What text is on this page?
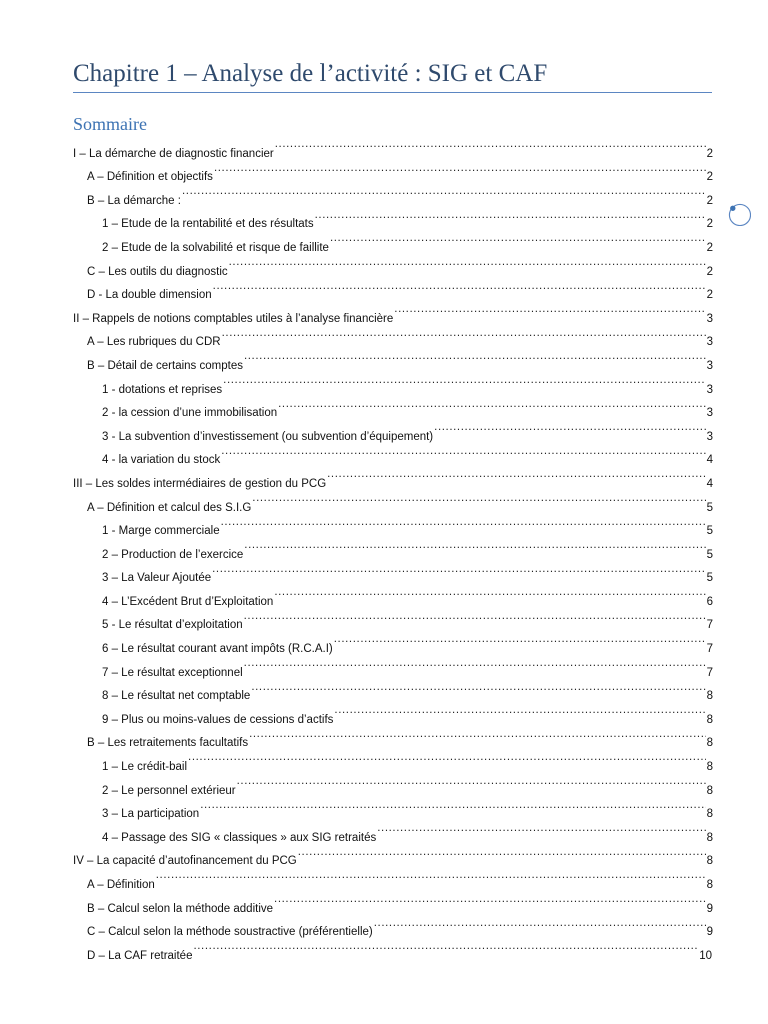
Chapitre 1 – Analyse de l’activité : SIG et CAF
Sommaire
I – La démarche de diagnostic financier .....	2
A – Définition et objectifs .....	2
B – La démarche : .....	2
1 – Etude de la rentabilité et des résultats .....	2
2 – Etude de la solvabilité et risque de faillite .....	2
C – Les outils du diagnostic .....	2
D - La double dimension .....	2
II – Rappels de notions comptables utiles à l’analyse financière .....	3
A – Les rubriques du CDR .....	3
B – Détail de certains comptes .....	3
1 - dotations et reprises .....	3
2 - la cession d’une immobilisation .....	3
3 - La subvention d’investissement (ou subvention d’équipement) .....	3
4 - la variation du stock .....	4
III – Les soldes intermédiaires de gestion du PCG .....	4
A – Définition et calcul des S.I.G .....	5
1 - Marge commerciale .....	5
2 – Production de l’exercice .....	5
3 – La Valeur Ajoutée .....	5
4 – L’Excédent Brut d’Exploitation .....	6
5 - Le résultat d’exploitation .....	7
6 – Le résultat courant avant impôts (R.C.A.I) .....	7
7 – Le résultat exceptionnel .....	7
8 – Le résultat net comptable .....	8
9 – Plus ou moins-values de cessions d’actifs .....	8
B – Les retraitements facultatifs .....	8
1 – Le crédit-bail .....	8
2 – Le personnel extérieur .....	8
3 – La participation .....	8
4 – Passage des SIG « classiques » aux SIG retraités .....	8
IV – La capacité d’autofinancement du PCG .....	8
A – Définition .....	8
B – Calcul selon la méthode additive .....	9
C – Calcul selon la méthode soustractive (préférentielle) .....	9
D – La CAF retraitée .....	10
